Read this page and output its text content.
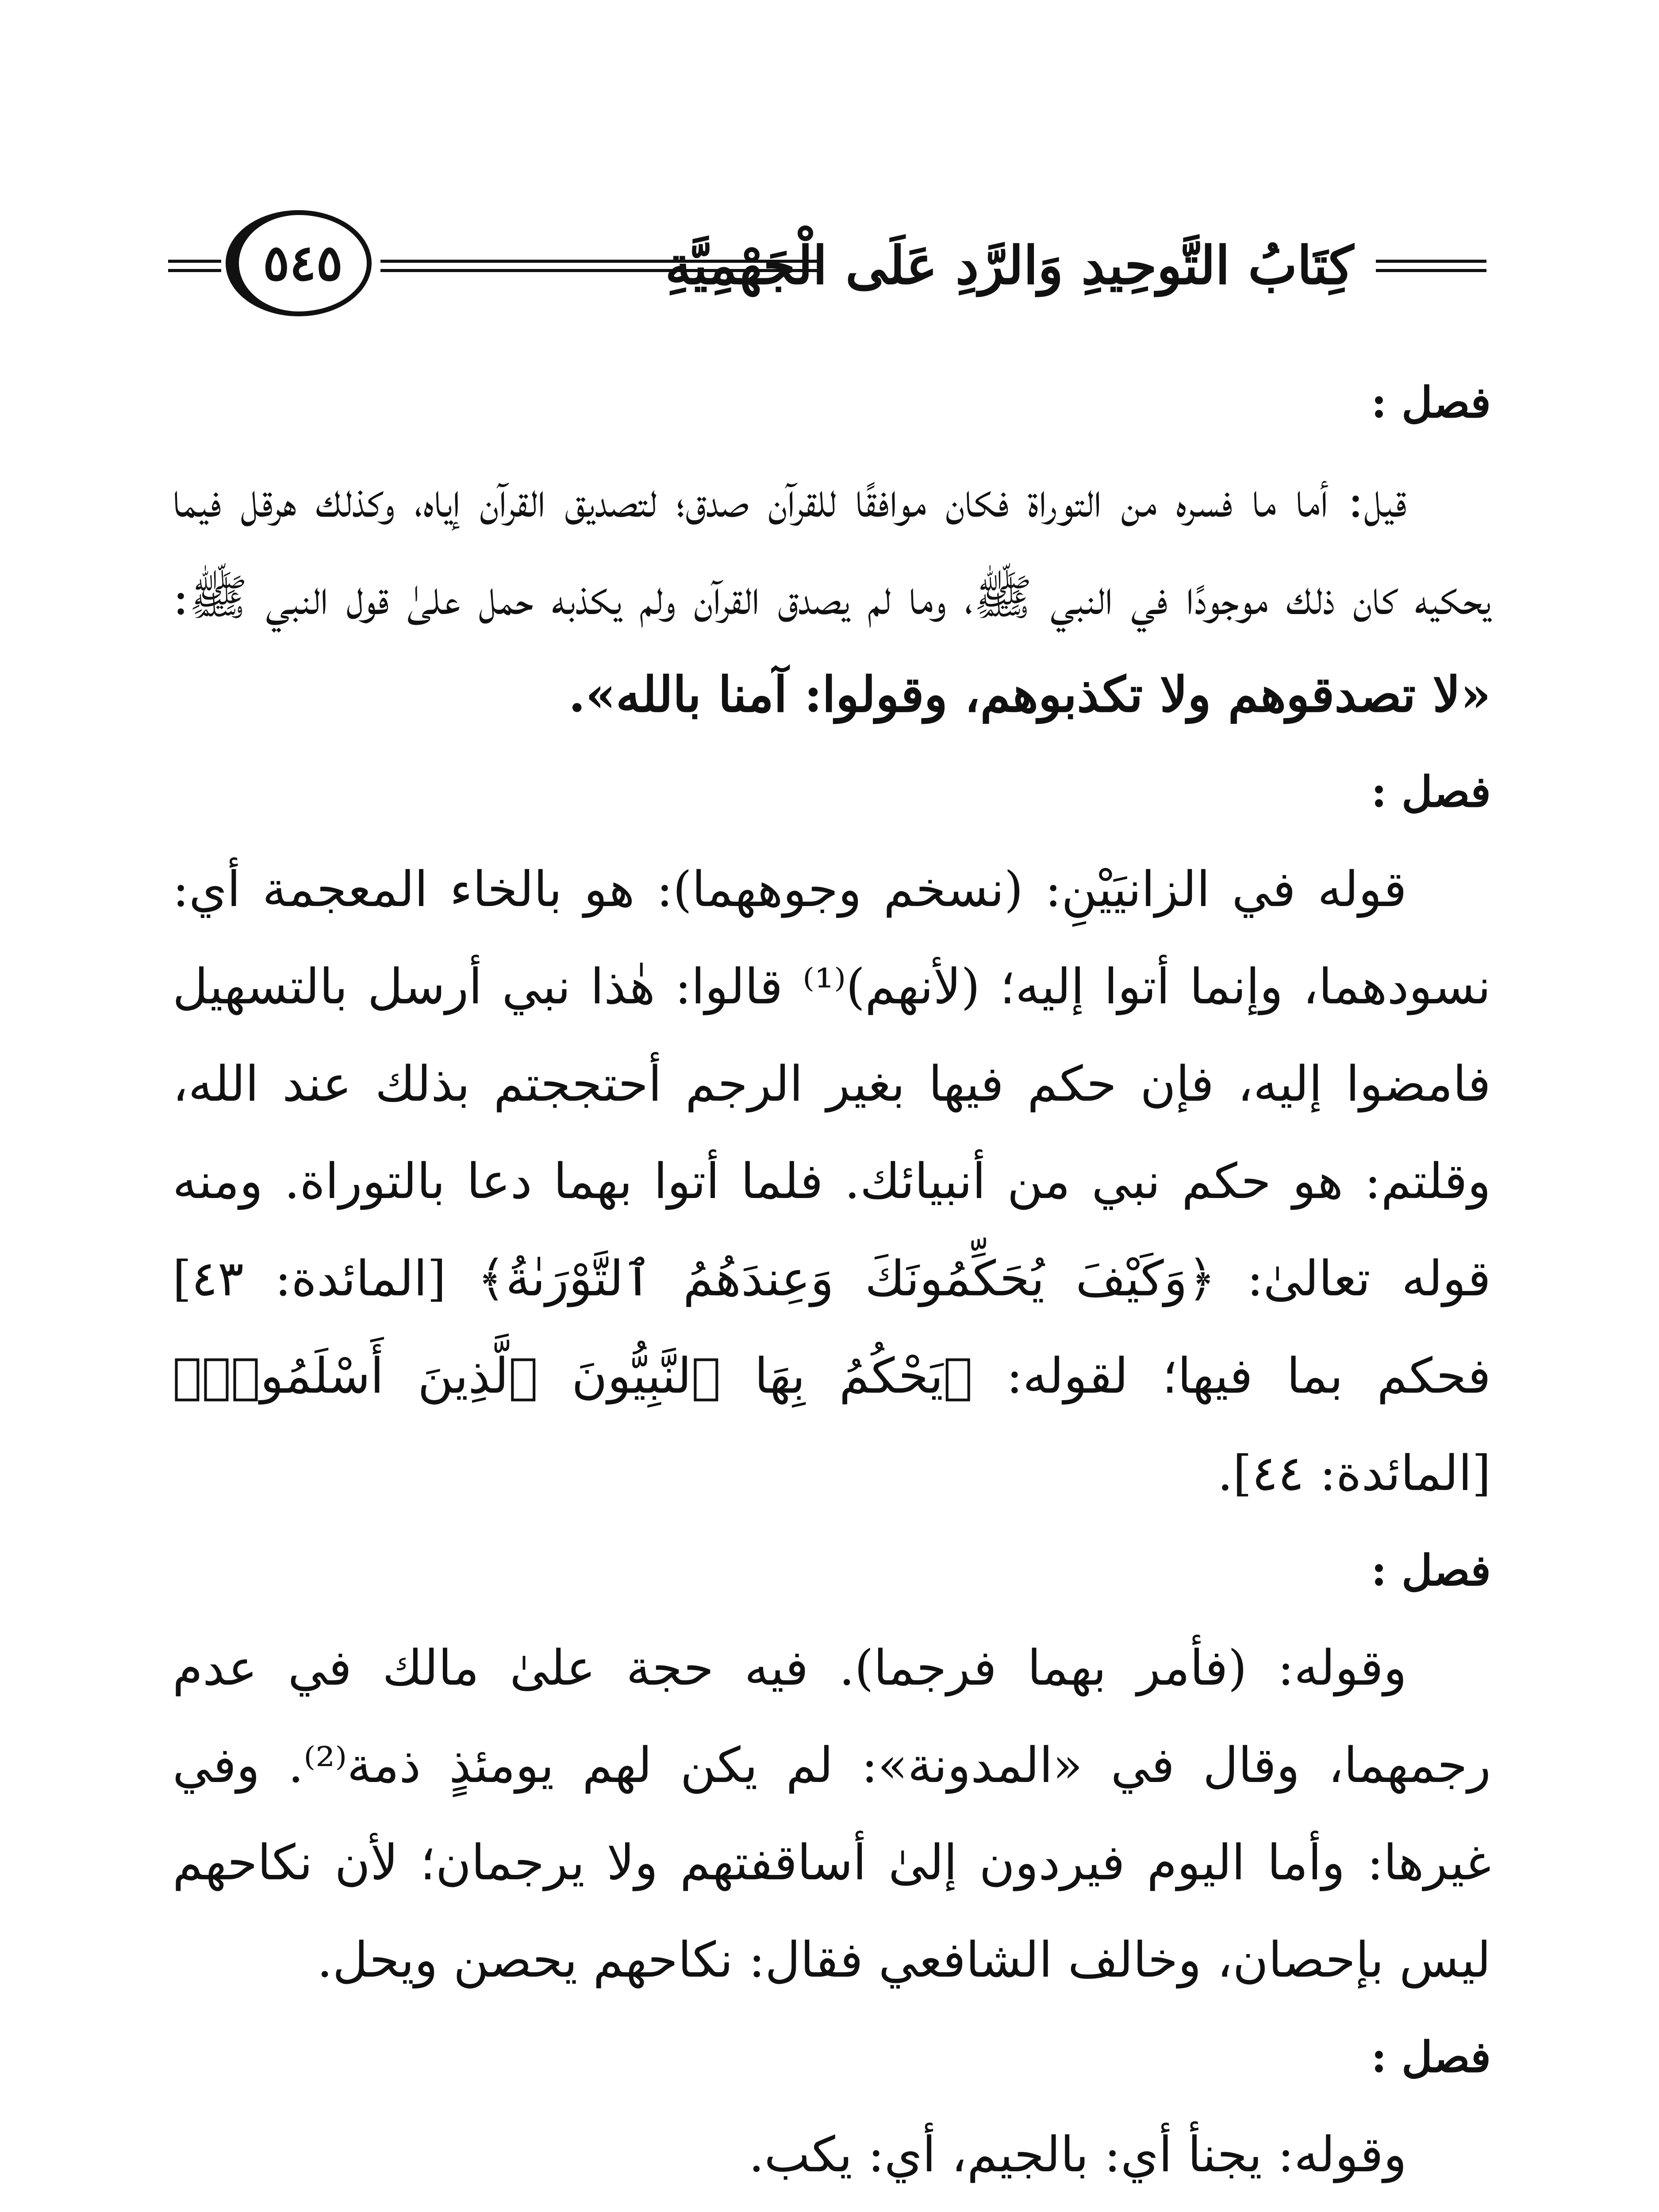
كِتَابُ التَّوحِيدِ وَالرَّدِ عَلَى الْجَهْمِيَّةِ
٥٤٥
فصل :

قيل: أما ما فسره من التوراة فكان موافقًا للقرآن صدق؛ لتصديق القرآن إياه، وكذلك هرقل فيما يحكيه كان ذلك موجودًا في النبي ﷺ، وما لم يصدق القرآن ولم يكذبه حمل علىٰ قول النبي ﷺ: «لا تصدقوهم ولا تكذبوهم، وقولوا: آمنا بالله».

فصل :

قوله في الزانيَيْنِ: (نسخم وجوههما): هو بالخاء المعجمة أي: نسودهما، وإنما أتوا إليه؛ (لأنهم)⁽¹⁾ قالوا: هٰذا نبي أرسل بالتسهيل فامضوا إليه، فإن حكم فيها بغير الرجم أحتججتم بذلك عند الله، وقلتم: هو حكم نبي من أنبيائك. فلما أتوا بهما دعا بالتوراة. ومنه قوله تعالىٰ: ﴿وَكَيْفَ يُحَكِّمُونَكَ وَعِندَهُمُ ٱلتَّوْرَىٰةُ﴾ [المائدة: ٤٣] فحكم بما فيها؛ لقوله: ﴿يَحْكُمُ بِهَا ٱلنَّبِيُّونَ ٱلَّذِينَ أَسْلَمُوا۟﴾ [المائدة: ٤٤].

فصل :

وقوله: (فأمر بهما فرجما). فيه حجة علىٰ مالك في عدم رجمهما، وقال في «المدونة»: لم يكن لهم يومئذٍ ذمة⁽²⁾. وفي غيرها: وأما اليوم فيردون إلىٰ أساقفتهم ولا يرجمان؛ لأن نكاحهم ليس بإحصان، وخالف الشافعي فقال: نكاحهم يحصن ويحل.

فصل :

وقوله: يجنأ أي: بالجيم، أي: يكب.
